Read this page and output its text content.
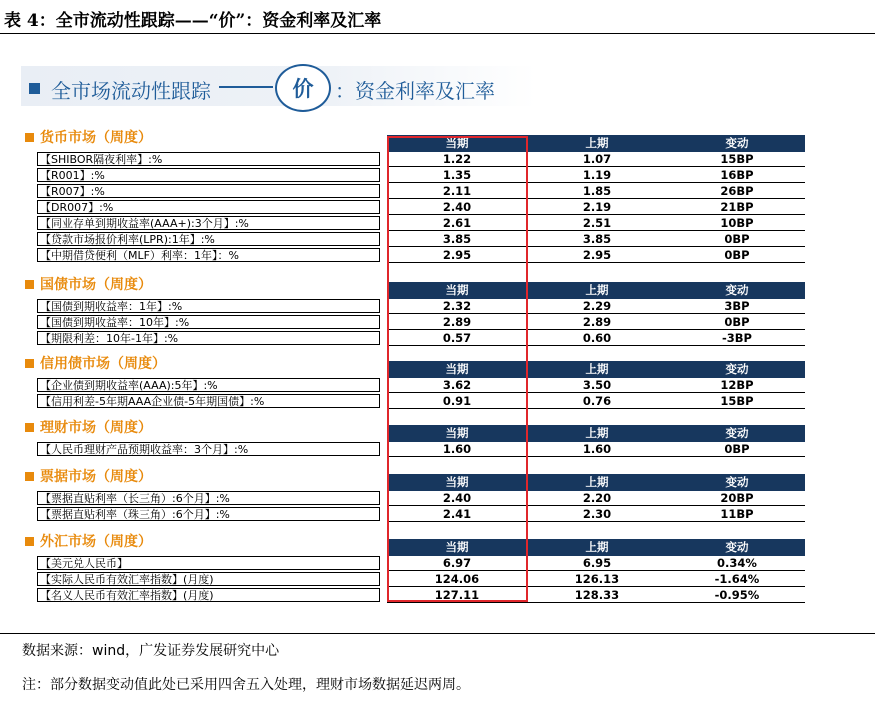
表 4：全市流动性跟踪——“价”：资金利率及汇率
全市场流动性跟踪	价	：资金利率及汇率
货币市场（周度）	当期	上期	变动
【SHIBOR隔夜利率】:%	1.22	1.07	15BP
【R001】:%	1.35	1.19	16BP
【R007】:%	2.11	1.85	26BP
【DR007】:%	2.40	2.19	21BP
【同业存单到期收益率(AAA+):3个月】:%	2.61	2.51	10BP
【贷款市场报价利率(LPR):1年】:%	3.85	3.85	0BP
【中期借贷便利（MLF）利率：1年】：%	2.95	2.95	0BP
国债市场（周度）	当期	上期	变动
【国债到期收益率：1年】:%	2.32	2.29	3BP
【国债到期收益率：10年】:%	2.89	2.89	0BP
【期限利差：10年-1年】:%	0.57	0.60	-3BP
信用债市场（周度）	当期	上期	变动
【企业债到期收益率(AAA):5年】:%	3.62	3.50	12BP
【信用利差-5年期AAA企业债-5年期国债】:%	0.91	0.76	15BP
理财市场（周度）	当期	上期	变动
【人民币理财产品预期收益率：3个月】:%	1.60	1.60	0BP
票据市场（周度）	当期	上期	变动
【票据直贴利率（长三角）:6个月】:%	2.40	2.20	20BP
【票据直贴利率（珠三角）:6个月】:%	2.41	2.30	11BP
外汇市场（周度）	当期	上期	变动
【美元兑人民币】	6.97	6.95	0.34%
【实际人民币有效汇率指数】(月度)	124.06	126.13	-1.64%
【名义人民币有效汇率指数】(月度)	127.11	128.33	-0.95%
数据来源：wind，广发证券发展研究中心
注：部分数据变动值此处已采用四舍五入处理，理财市场数据延迟两周。
